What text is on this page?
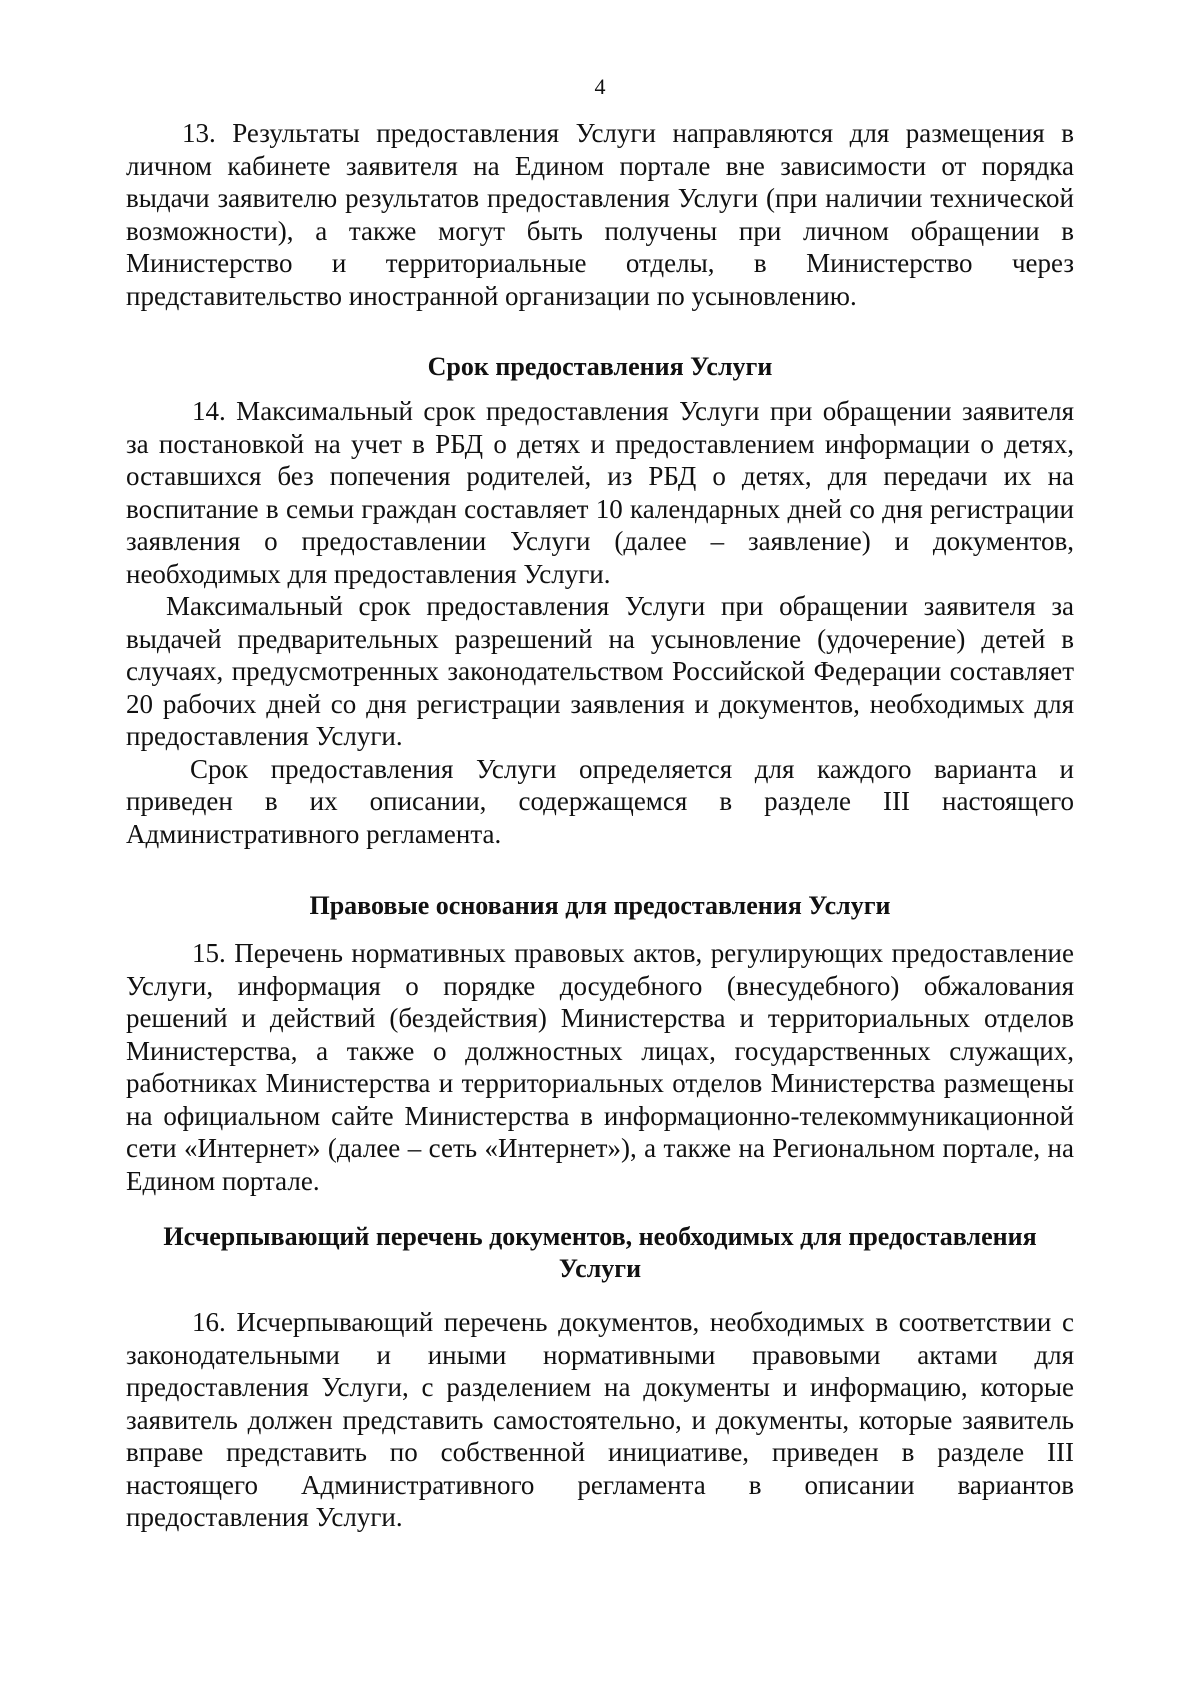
4

13. Результаты предоставления Услуги направляются для размещения в личном кабинете заявителя на Едином портале вне зависимости от порядка выдачи заявителю результатов предоставления Услуги (при наличии технической возможности), а также могут быть получены при личном обращении в Министерство и территориальные отделы, в Министерство через представительство иностранной организации по усыновлению.

Срок предоставления Услуги

14. Максимальный срок предоставления Услуги при обращении заявителя за постановкой на учет в РБД о детях и предоставлением информации о детях, оставшихся без попечения родителей, из РБД о детях, для передачи их на воспитание в семьи граждан составляет 10 календарных дней со дня регистрации заявления о предоставлении Услуги (далее – заявление) и документов, необходимых для предоставления Услуги.

Максимальный срок предоставления Услуги при обращении заявителя за выдачей предварительных разрешений на усыновление (удочерение) детей в случаях, предусмотренных законодательством Российской Федерации составляет 20 рабочих дней со дня регистрации заявления и документов, необходимых для предоставления Услуги.

Срок предоставления Услуги определяется для каждого варианта и приведен в их описании, содержащемся в разделе III настоящего Административного регламента.

Правовые основания для предоставления Услуги

15. Перечень нормативных правовых актов, регулирующих предоставление Услуги, информация о порядке досудебного (внесудебного) обжалования решений и действий (бездействия) Министерства и территориальных отделов Министерства, а также о должностных лицах, государственных служащих, работниках Министерства и территориальных отделов Министерства размещены на официальном сайте Министерства в информационно-телекоммуникационной сети «Интернет» (далее – сеть «Интернет»), а также на Региональном портале, на Едином портале.

Исчерпывающий перечень документов, необходимых для предоставления Услуги

16. Исчерпывающий перечень документов, необходимых в соответствии с законодательными и иными нормативными правовыми актами для предоставления Услуги, с разделением на документы и информацию, которые заявитель должен представить самостоятельно, и документы, которые заявитель вправе представить по собственной инициативе, приведен в разделе III настоящего Административного регламента в описании вариантов предоставления Услуги.
